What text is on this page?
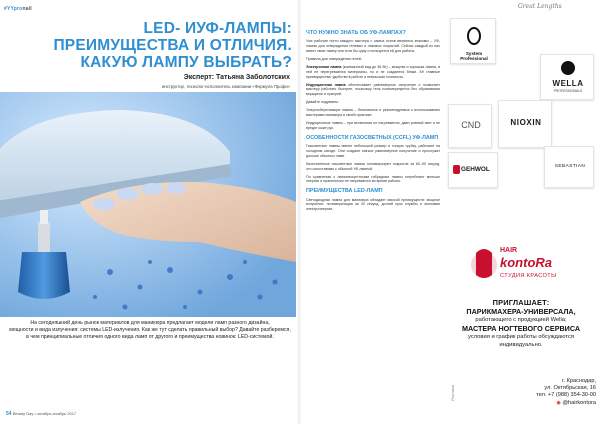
#YYpronail
LED- ИУФ-ЛАМПЫ:
ПРЕИМУЩЕСТВА И ОТЛИЧИЯ.
КАКУЮ ЛАМПУ ВЫБРАТЬ?
Эксперт: Татьяна Заболотских
инструктор, технолог-исполнитель компании «Формула Профи»
На сегодняшний день рынок материалов для маникюра предлагает модели ламп разного дизайна,
мощности и вида излучения: системы LED-излучения. Как же тут сделать правильный выбор? Давайте разберемся,
в чем принципиальные отличия одного вида ламп от другого и преимущества новинок: LED-системой.
54 Beauty Day • октябрь-ноябрь 2017
ЧТО НУЖНО ЗНАТЬ ОБ УФ-ЛАМПАХ?
Уже рабочие ногти каждого мастера с самых основ являются знакомы – УФ-лампы для отверждения гелевых и лаковых покрытий. Сейчас каждый из нас имеет свою лампу или хотя бы одну и пользуется ей для работы.
Правила для отверждения гелей:
Электронная лампа (компактный вид до 36 Вт) – мощная и хорошая лампа, в ней не перегреваются материалы, но и не создаются блики. Её главные преимущества: удобство в работе и невысокая стоимость.
Индукционная лампа обеспечивает равномерное излучение и позволяет мастеру работать быстрее, поскольку гель полимеризуется без образования морщинок и пузырей.
Давайте подумаем:
Энергосберегающие лампы – безопасные и рекомендуемые к использованию мастерами маникюра в своей практике.
Индукционные лампы – при включении не нагреваются, дают ровный свет и не вредят коже рук.
ОСОБЕННОСТИ ГАЗОСВЕТНЫХ (CCFL) УФ-ЛАМП
Газосветные лампы имеют небольшой размер и тонкую трубку, работают на холодном катоде. Они создают мягкое равномерное излучение и прослужат дольше обычных ламп.
Качественные газосветные лампы полимеризуют покрытие за 60–90 секунд, что сопоставимо с обычной УФ-лампой.
По сравнению с люминесцентными гибридные лампы потребляют меньше энергии и практически не нагреваются во время работы.
ПРЕИМУЩЕСТВА LED-ЛАМП
Светодиодная лампа для маникюра обладает массой преимуществ: мощное излучение, полимеризация за 30 секунд, долгий срок службы и экономия электроэнергии.
Great Lengths
System Professional
WELLA
PROFESSIONALS
NIOXIN
CND
GEHWOL	SEBASTIAN
HAIR
kontoRa
СТУДИЯ КРАСОТЫ
ПРИГЛАШАЕТ:
ПАРИКМАХЕРА-УНИВЕРСАЛА,
работающего с продукцией Wella;
МАСТЕРА НОГТЕВОГО СЕРВИСА
условия и график работы обсуждаются
индивидуально.
г. Краснодар,
ул. Октябрьская, 16
тел. +7 (988) 354-30-00
◉ @hairkontora
Реклама
